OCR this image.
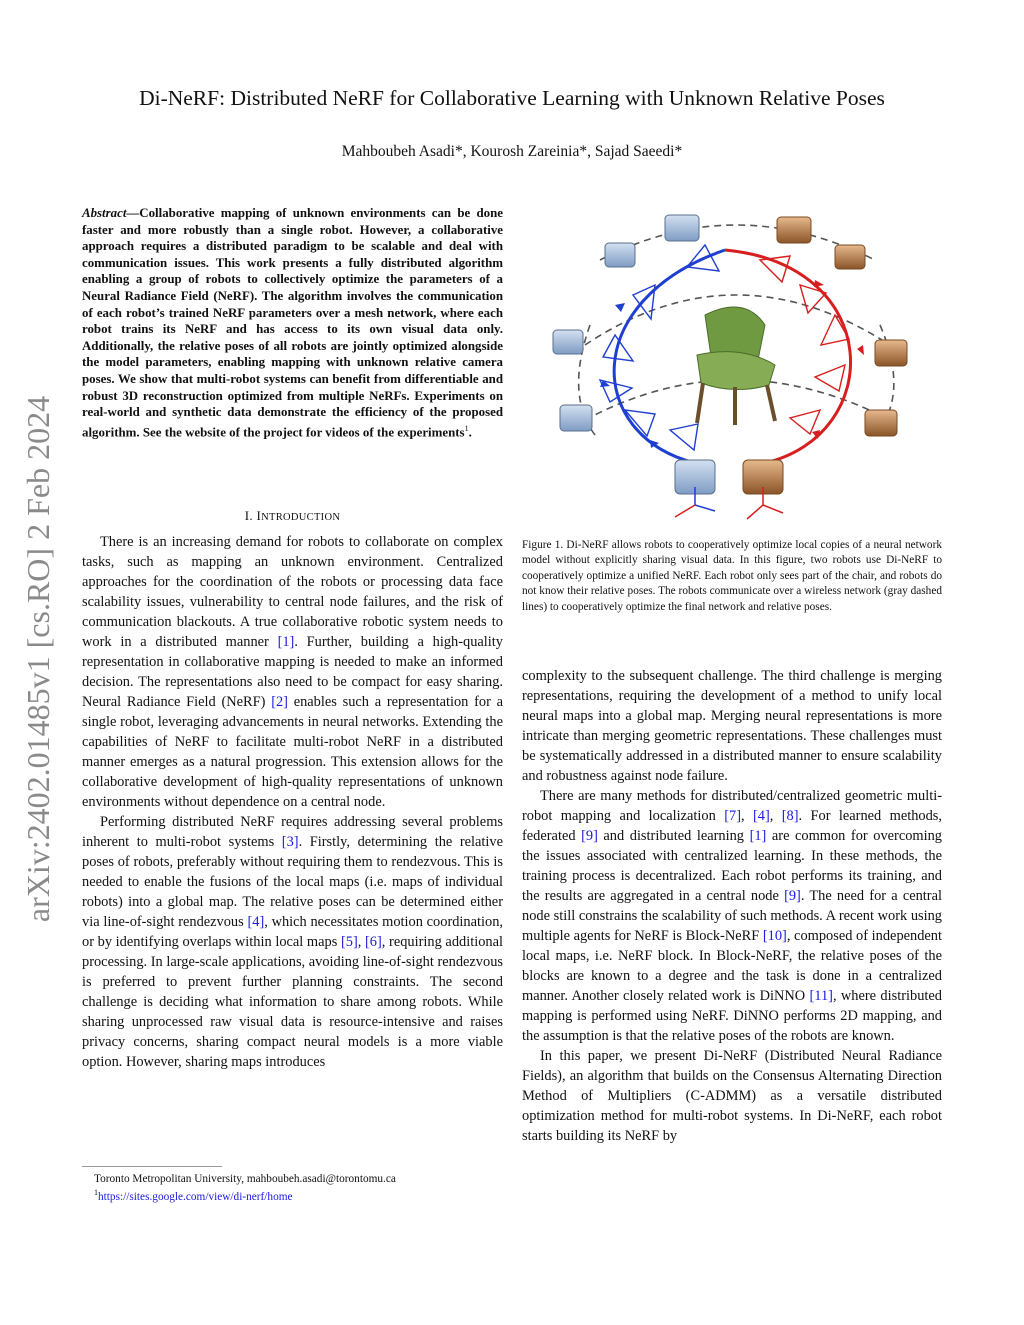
Di-NeRF: Distributed NeRF for Collaborative Learning with Unknown Relative Poses
Mahboubeh Asadi*, Kourosh Zareinia*, Sajad Saeedi*
arXiv:2402.01485v1 [cs.RO] 2 Feb 2024
Abstract—Collaborative mapping of unknown environments can be done faster and more robustly than a single robot. However, a collaborative approach requires a distributed paradigm to be scalable and deal with communication issues. This work presents a fully distributed algorithm enabling a group of robots to collectively optimize the parameters of a Neural Radiance Field (NeRF). The algorithm involves the communication of each robot’s trained NeRF parameters over a mesh network, where each robot trains its NeRF and has access to its own visual data only. Additionally, the relative poses of all robots are jointly optimized alongside the model parameters, enabling mapping with unknown relative camera poses. We show that multi-robot systems can benefit from differentiable and robust 3D reconstruction optimized from multiple NeRFs. Experiments on real-world and synthetic data demonstrate the efficiency of the proposed algorithm. See the website of the project for videos of the experiments$^1$.
I. INTRODUCTION

There is an increasing demand for robots to collaborate on complex tasks, such as mapping an unknown environment. Centralized approaches for the coordination of the robots or processing data face scalability issues, vulnerability to central node failures, and the risk of communication blackouts. A true collaborative robotic system needs to work in a distributed manner [1]. Further, building a high-quality representation in collaborative mapping is needed to make an informed decision. The representations also need to be compact for easy sharing. Neural Radiance Field (NeRF) [2] enables such a representation for a single robot, leveraging advancements in neural networks. Extending the capabilities of NeRF to facilitate multi-robot NeRF in a distributed manner emerges as a natural progression. This extension allows for the collaborative development of high-quality representations of unknown environments without dependence on a central node.

Performing distributed NeRF requires addressing several problems inherent to multi-robot systems [3]. Firstly, determining the relative poses of robots, preferably without requiring them to rendezvous. This is needed to enable the fusions of the local maps (i.e. maps of individual robots) into a global map. The relative poses can be determined either via line-of-sight rendezvous [4], which necessitates motion coordination, or by identifying overlaps within local maps [5], [6], requiring additional processing. In large-scale applications, avoiding line-of-sight rendezvous is preferred to prevent further planning constraints. The second challenge is deciding what information to share among robots. While sharing unprocessed raw visual data is resource-intensive and raises privacy concerns, sharing compact neural models is a more viable option. However, sharing maps introduces

Toronto Metropolitan University, mahboubeh.asadi@torontomu.ca
$^1$https://sites.google.com/view/di-nerf/home
Figure 1. Di-NeRF allows robots to cooperatively optimize local copies of a neural network model without explicitly sharing visual data. In this figure, two robots use Di-NeRF to cooperatively optimize a unified NeRF. Each robot only sees part of the chair, and robots do not know their relative poses. The robots communicate over a wireless network (gray dashed lines) to cooperatively optimize the final network and relative poses.

complexity to the subsequent challenge. The third challenge is merging representations, requiring the development of a method to unify local neural maps into a global map. Merging neural representations is more intricate than merging geometric representations. These challenges must be systematically addressed in a distributed manner to ensure scalability and robustness against node failure.

There are many methods for distributed/centralized geometric multi-robot mapping and localization [7], [4], [8]. For learned methods, federated [9] and distributed learning [1] are common for overcoming the issues associated with centralized learning. In these methods, the training process is decentralized. Each robot performs its training, and the results are aggregated in a central node [9]. The need for a central node still constrains the scalability of such methods. A recent work using multiple agents for NeRF is Block-NeRF [10], composed of independent local maps, i.e. NeRF block. In Block-NeRF, the relative poses of the blocks are known to a degree and the task is done in a centralized manner. Another closely related work is DiNNO [11], where distributed mapping is performed using NeRF. DiNNO performs 2D mapping, and the assumption is that the relative poses of the robots are known.

In this paper, we present Di-NeRF (Distributed Neural Radiance Fields), an algorithm that builds on the Consensus Alternating Direction Method of Multipliers (C-ADMM) as a versatile distributed optimization method for multi-robot systems. In Di-NeRF, each robot starts building its NeRF by
